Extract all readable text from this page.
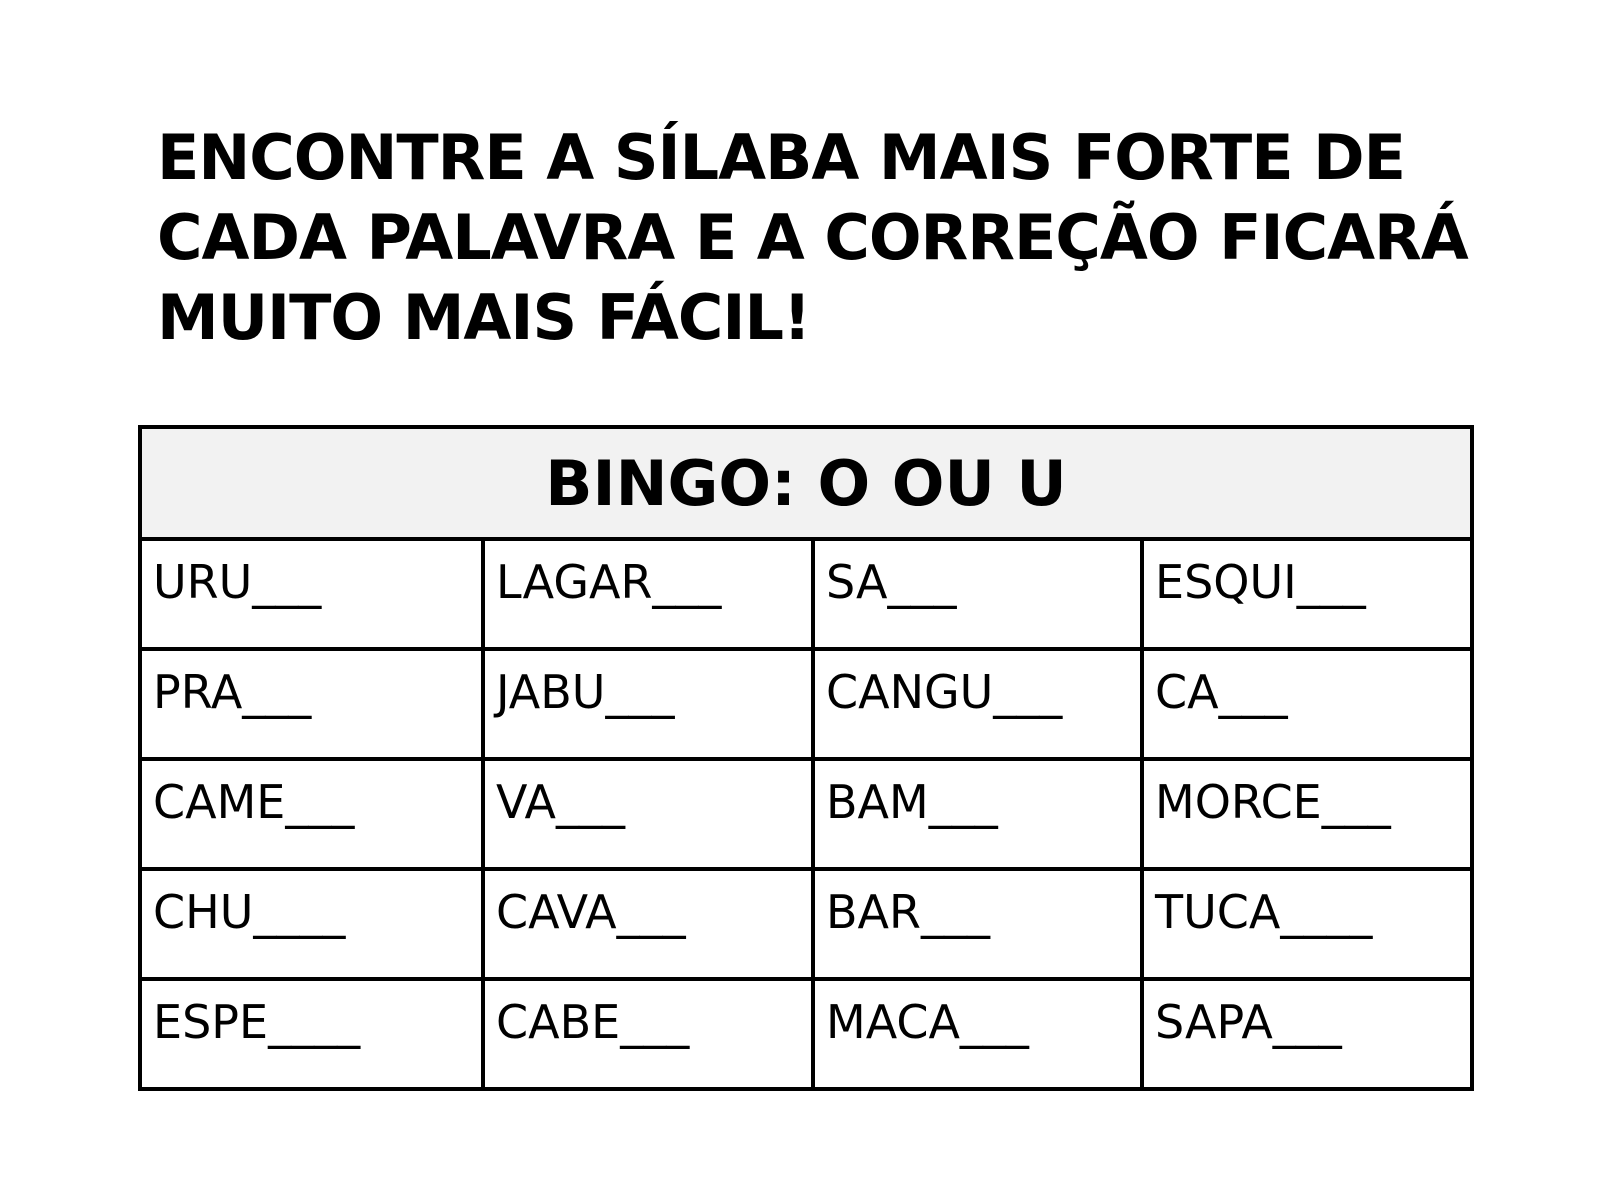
ENCONTRE A SÍLABA MAIS FORTE DE
CADA PALAVRA E A CORREÇÃO FICARÁ
MUITO MAIS FÁCIL!
BINGO: O OU U			
URU___	LAGAR___	SA___	ESQUI___
PRA___	JABU___	CANGU___	CA___
CAME___	VA___	BAM___	MORCE___
CHU____	CAVA___	BAR___	TUCA____
ESPE____	CABE___	MACA___	SAPA___
